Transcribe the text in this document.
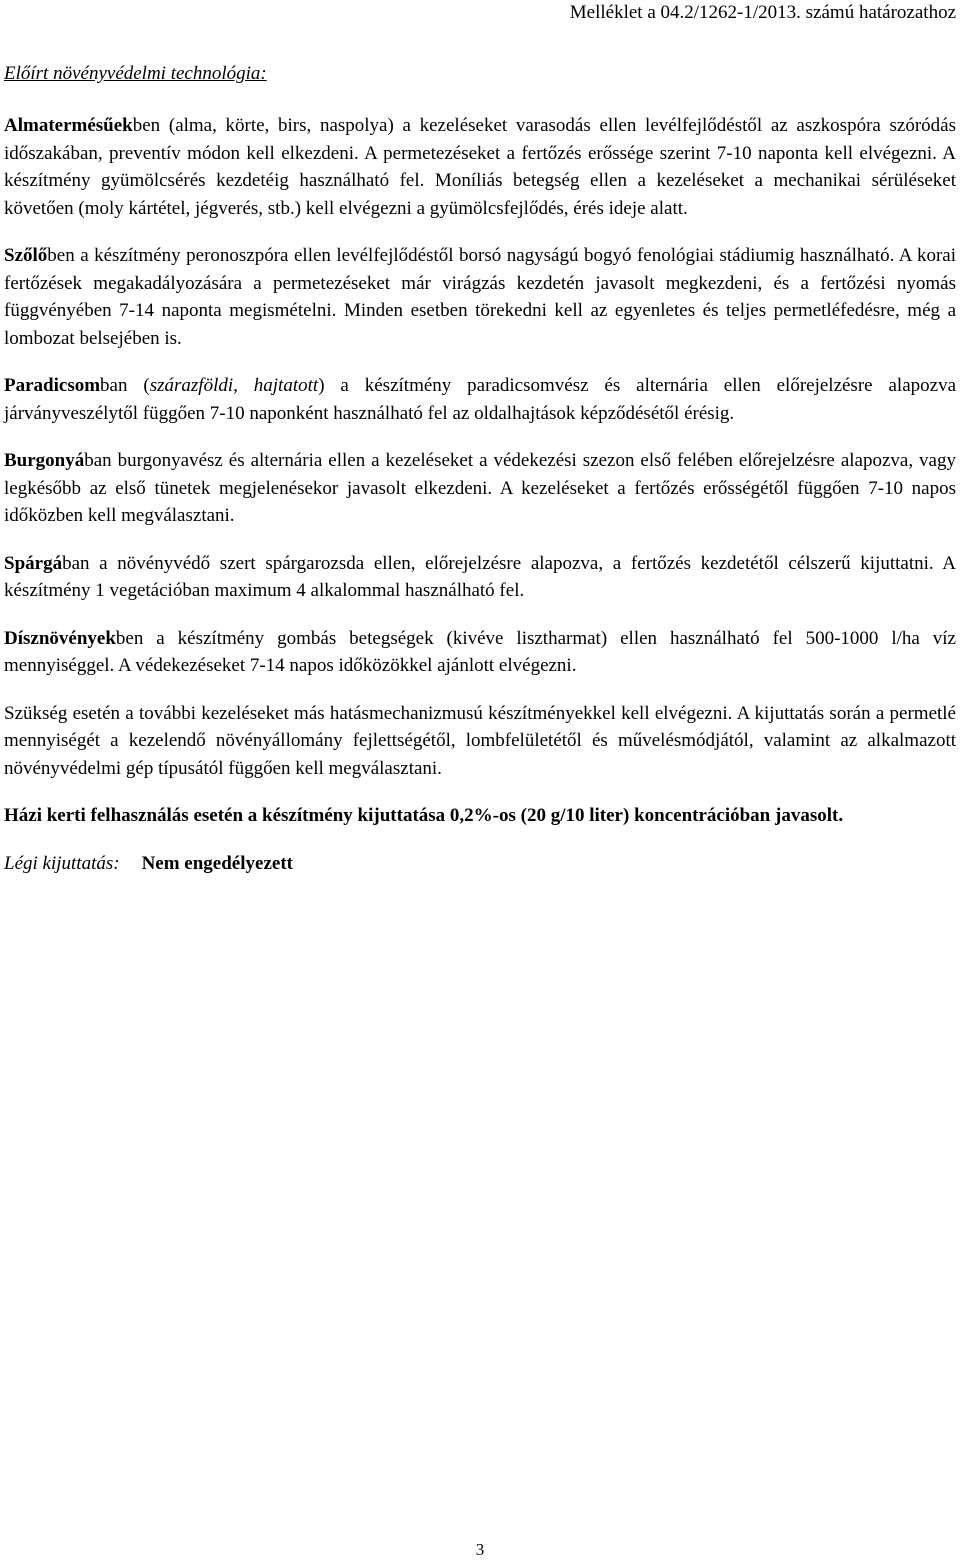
Melléklet a 04.2/1262-1/2013. számú határozathoz
Előírt növényvédelmi technológia:

Almatermésűekben (alma, körte, birs, naspolya) a kezeléseket varasodás ellen levélfejlődéstől az aszkospóra szóródás időszakában, preventív módon kell elkezdeni. A permetezéseket a fertőzés erőssége szerint 7-10 naponta kell elvégezni. A készítmény gyümölcsérés kezdetéig használható fel. Moníliás betegség ellen a kezeléseket a mechanikai sérüléseket követően (moly kártétel, jégverés, stb.) kell elvégezni a gyümölcsfejlődés, érés ideje alatt.

Szőlőben a készítmény peronoszpóra ellen levélfejlődéstől borsó nagyságú bogyó fenológiai stádiumig használható. A korai fertőzések megakadályozására a permetezéseket már virágzás kezdetén javasolt megkezdeni, és a fertőzési nyomás függvényében 7-14 naponta megismételni. Minden esetben törekedni kell az egyenletes és teljes permetléfedésre, még a lombozat belsejében is.

Paradicsomban (szárazföldi, hajtatott) a készítmény paradicsomvész és alternária ellen előrejelzésre alapozva járványveszélytől függően 7-10 naponként használható fel az oldalhajtások képződésétől érésig.

Burgonyában burgonyavész és alternária ellen a kezeléseket a védekezési szezon első felében előrejelzésre alapozva, vagy legkésőbb az első tünetek megjelenésekor javasolt elkezdeni. A kezeléseket a fertőzés erősségétől függően 7-10 napos időközben kell megválasztani.

Spárgában a növényvédő szert spárgarozsda ellen, előrejelzésre alapozva, a fertőzés kezdetétől célszerű kijuttatni. A készítmény 1 vegetációban maximum 4 alkalommal használható fel.

Dísznövényekben a készítmény gombás betegségek (kivéve lisztharmat) ellen használható fel 500-1000 l/ha víz mennyiséggel. A védekezéseket 7-14 napos időközökkel ajánlott elvégezni.

Szükség esetén a további kezeléseket más hatásmechanizmusú készítményekkel kell elvégezni. A kijuttatás során a permetlé mennyiségét a kezelendő növényállomány fejlettségétől, lombfelületétől és művelésmódjától, valamint az alkalmazott növényvédelmi gép típusától függően kell megválasztani.

Házi kerti felhasználás esetén a készítmény kijuttatása 0,2%-os (20 g/10 liter) koncentrációban javasolt.

Légi kijuttatás: Nem engedélyezett
3
